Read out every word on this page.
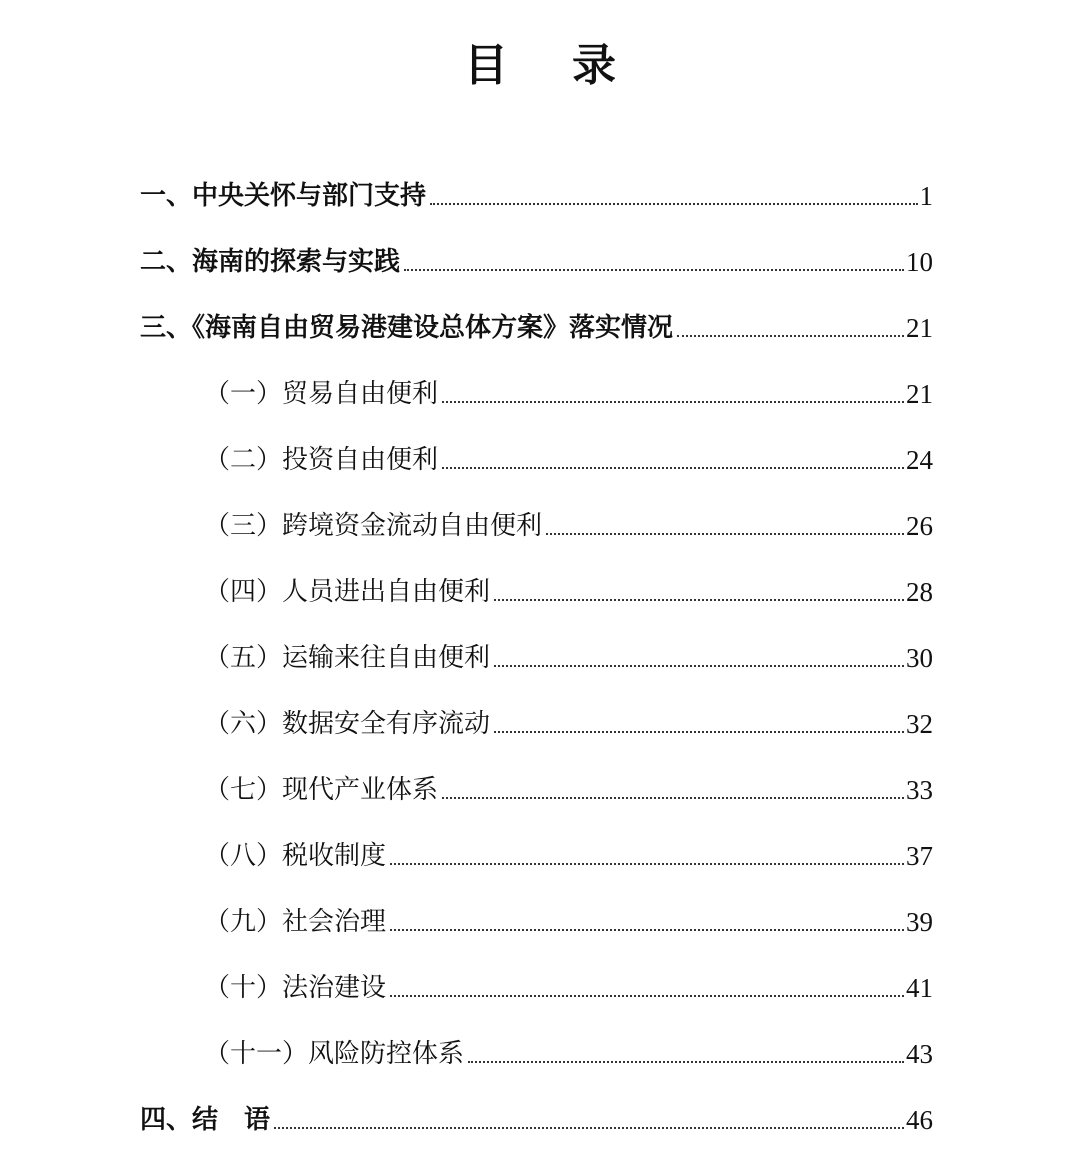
目录
一、中央关怀与部门支持	1
二、海南的探索与实践	10
三、《海南自由贸易港建设总体方案》落实情况	21
（一）贸易自由便利	21
（二）投资自由便利	24
（三）跨境资金流动自由便利	26
（四）人员进出自由便利	28
（五）运输来往自由便利	30
（六）数据安全有序流动	32
（七）现代产业体系	33
（八）税收制度	37
（九）社会治理	39
（十）法治建设	41
（十一）风险防控体系	43
四、结　语	46
